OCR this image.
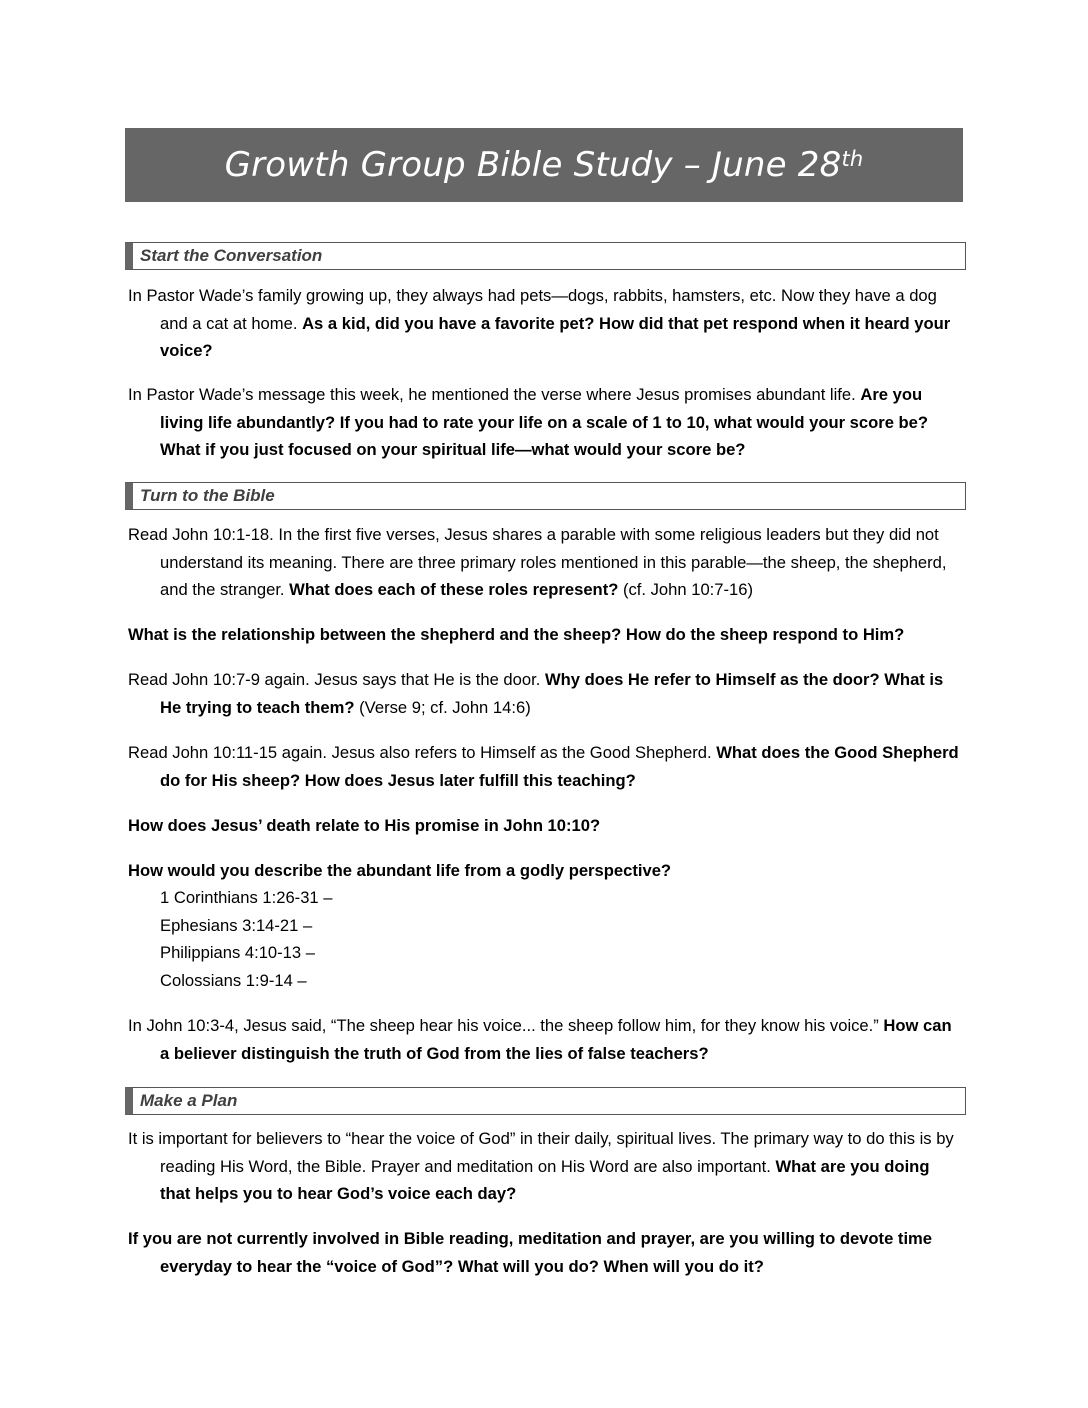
Growth Group Bible Study – June 28th
Start the Conversation
In Pastor Wade’s family growing up, they always had pets—dogs, rabbits, hamsters, etc. Now they have a dog and a cat at home. As a kid, did you have a favorite pet? How did that pet respond when it heard your voice?
In Pastor Wade’s message this week, he mentioned the verse where Jesus promises abundant life. Are you living life abundantly? If you had to rate your life on a scale of 1 to 10, what would your score be? What if you just focused on your spiritual life—what would your score be?
Turn to the Bible
Read John 10:1-18. In the first five verses, Jesus shares a parable with some religious leaders but they did not understand its meaning. There are three primary roles mentioned in this parable—the sheep, the shepherd, and the stranger. What does each of these roles represent? (cf. John 10:7-16)
What is the relationship between the shepherd and the sheep? How do the sheep respond to Him?
Read John 10:7-9 again. Jesus says that He is the door. Why does He refer to Himself as the door? What is He trying to teach them? (Verse 9; cf. John 14:6)
Read John 10:11-15 again. Jesus also refers to Himself as the Good Shepherd. What does the Good Shepherd do for His sheep? How does Jesus later fulfill this teaching?
How does Jesus’ death relate to His promise in John 10:10?
How would you describe the abundant life from a godly perspective?
1 Corinthians 1:26-31 –
Ephesians 3:14-21 –
Philippians 4:10-13 –
Colossians 1:9-14 –
In John 10:3-4, Jesus said, “The sheep hear his voice... the sheep follow him, for they know his voice.” How can a believer distinguish the truth of God from the lies of false teachers?
Make a Plan
It is important for believers to “hear the voice of God” in their daily, spiritual lives. The primary way to do this is by reading His Word, the Bible. Prayer and meditation on His Word are also important. What are you doing that helps you to hear God’s voice each day?
If you are not currently involved in Bible reading, meditation and prayer, are you willing to devote time everyday to hear the “voice of God”? What will you do? When will you do it?
